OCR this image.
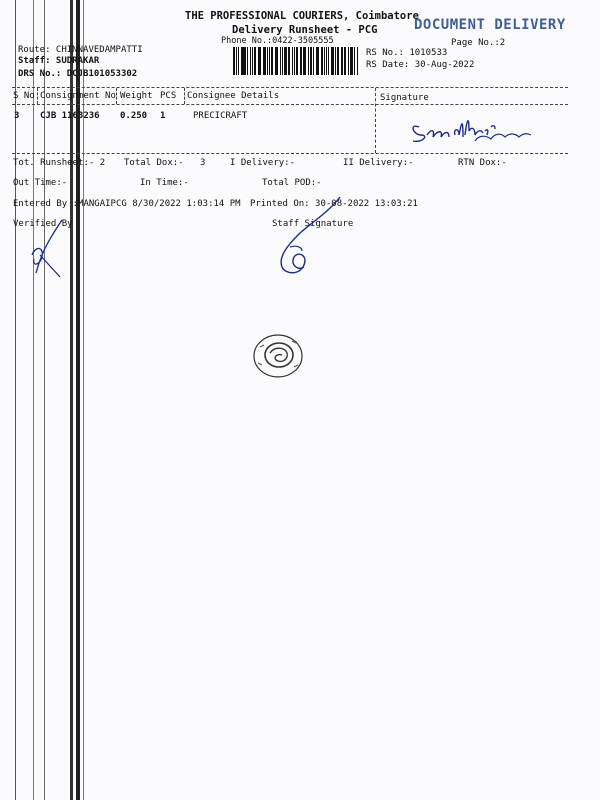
THE PROFESSIONAL COURIERS, Coimbatore
Delivery Runsheet - PCG
Phone No.:0422-3505555
DOCUMENT DELIVERY
Page No.:2
Route: CHINNAVEDAMPATTI
Staff: SUDRAKAR
DRS No.: DCJB101053302
RS No.: 1010533
RS Date: 30-Aug-2022
S No Consignment No Weight PCS Consignee Details	Signature
3 CJB 1163236 0.250 1	PRECICRAFT
Tot. Runsheet:- 2 Total Dox:- 3	I Delivery:-	II Delivery:-	RTN Dox:-
Out Time:-	In Time:-	Total POD:-
Entered By :MANGAIPCG 8/30/2022 1:03:14 PM Printed On: 30-08-2022 13:03:21
Verified By	Staff Signature
